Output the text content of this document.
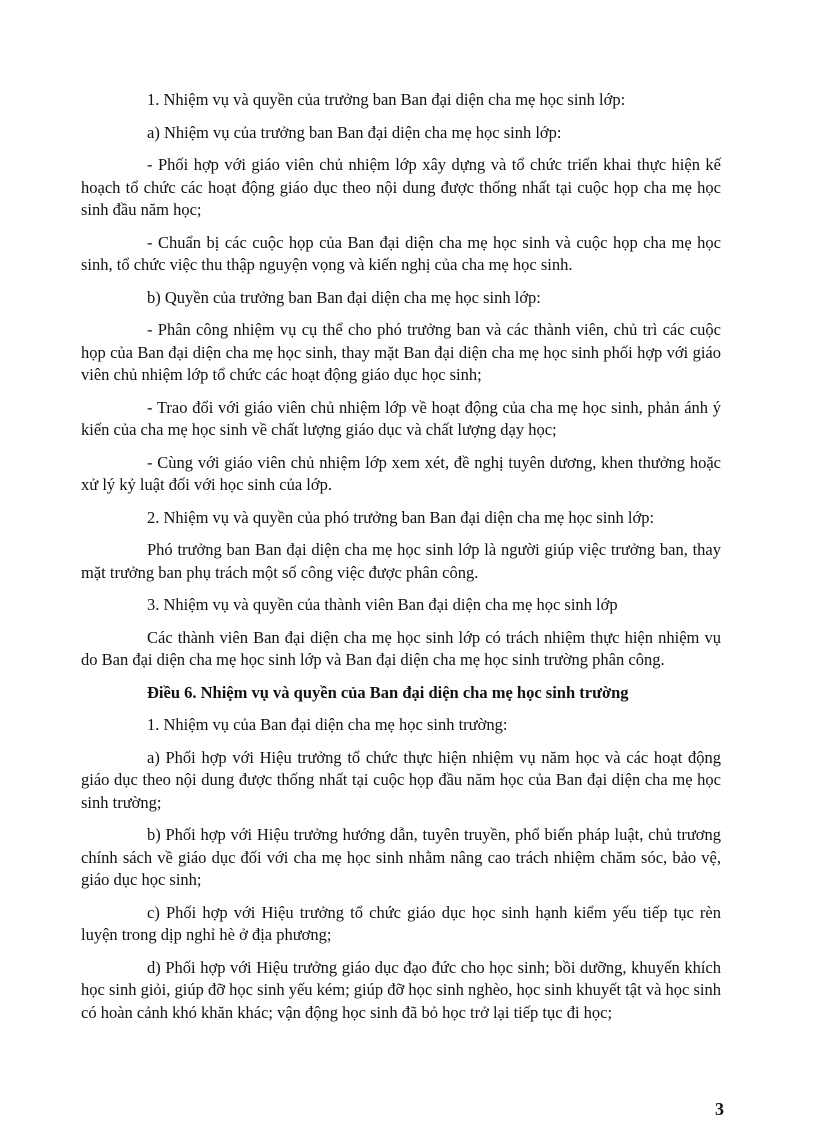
1. Nhiệm vụ và quyền của trưởng ban Ban đại diện cha mẹ học sinh lớp:

a) Nhiệm vụ của trưởng ban Ban đại diện cha mẹ học sinh lớp:

- Phối hợp với giáo viên chủ nhiệm lớp xây dựng và tổ chức triển khai thực hiện kế hoạch tổ chức các hoạt động giáo dục theo nội dung được thống nhất tại cuộc họp cha mẹ học sinh đầu năm học;

- Chuẩn bị các cuộc họp của Ban đại diện cha mẹ học sinh và cuộc họp cha mẹ học sinh, tổ chức việc thu thập nguyện vọng và kiến nghị của cha mẹ học sinh.

b) Quyền của trưởng ban Ban đại diện cha mẹ học sinh lớp:

- Phân công nhiệm vụ cụ thể cho phó trưởng ban và các thành viên, chủ trì các cuộc họp của Ban đại diện cha mẹ học sinh, thay mặt Ban đại diện cha mẹ học sinh phối hợp với giáo viên chủ nhiệm lớp tổ chức các hoạt động giáo dục học sinh;

- Trao đổi với giáo viên chủ nhiệm lớp về hoạt động của cha mẹ học sinh, phản ánh ý kiến của cha mẹ học sinh về chất lượng giáo dục và chất lượng dạy học;

- Cùng với giáo viên chủ nhiệm lớp xem xét, đề nghị tuyên dương, khen thưởng hoặc xử lý kỷ luật đối với học sinh của lớp.

2. Nhiệm vụ và quyền của phó trưởng ban Ban đại diện cha mẹ học sinh lớp:

Phó trưởng ban Ban đại diện cha mẹ học sinh lớp là người giúp việc trưởng ban, thay mặt trưởng ban phụ trách một số công việc được phân công.

3. Nhiệm vụ và quyền của thành viên Ban đại diện cha mẹ học sinh lớp

Các thành viên Ban đại diện cha mẹ học sinh lớp có trách nhiệm thực hiện nhiệm vụ do Ban đại diện cha mẹ học sinh lớp và Ban đại diện cha mẹ học sinh trường phân công.

Điều 6. Nhiệm vụ và quyền của Ban đại diện cha mẹ học sinh trường

1. Nhiệm vụ của Ban đại diện cha mẹ học sinh trường:

a) Phối hợp với Hiệu trưởng tổ chức thực hiện nhiệm vụ năm học và các hoạt động giáo dục theo nội dung được thống nhất tại cuộc họp đầu năm học của Ban đại diện cha mẹ học sinh trường;

b) Phối hợp với Hiệu trưởng hướng dẫn, tuyên truyền, phổ biến pháp luật, chủ trương chính sách về giáo dục đối với cha mẹ học sinh nhằm nâng cao trách nhiệm chăm sóc, bảo vệ, giáo dục học sinh;

c) Phối hợp với Hiệu trưởng tổ chức giáo dục học sinh hạnh kiểm yếu tiếp tục rèn luyện trong dịp nghỉ hè ở địa phương;

d) Phối hợp với Hiệu trưởng giáo dục đạo đức cho học sinh; bồi dưỡng, khuyến khích học sinh giỏi, giúp đỡ học sinh yếu kém; giúp đỡ học sinh nghèo, học sinh khuyết tật và học sinh có hoàn cảnh khó khăn khác; vận động học sinh đã bỏ học trở lại tiếp tục đi học;

3
